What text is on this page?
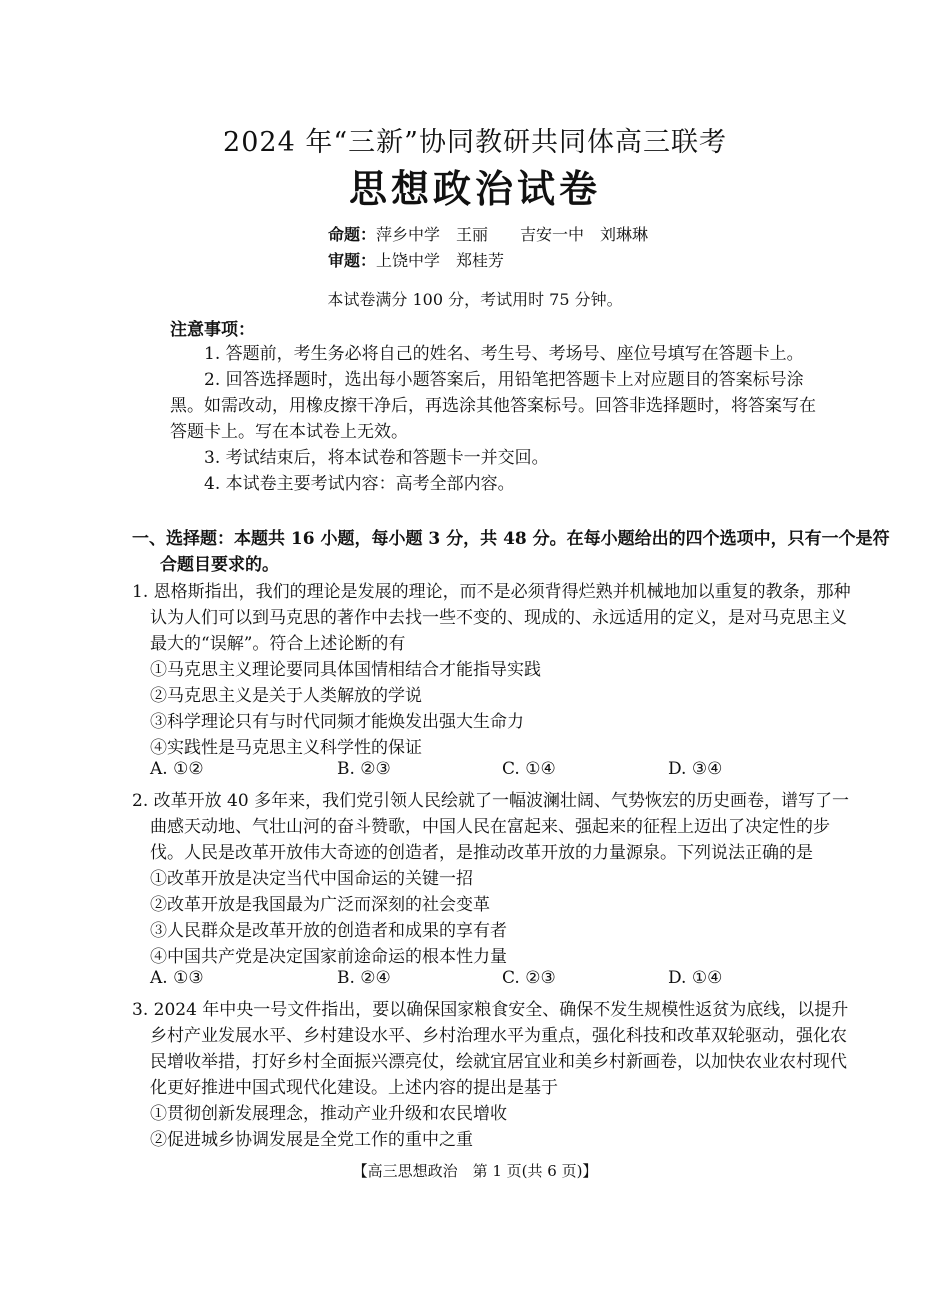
2024 年“三新”协同教研共同体高三联考
思想政治试卷
命题：萍乡中学　王丽 吉安一中　刘琳琳
审题：上饶中学　郑桂芳
本试卷满分 100 分，考试用时 75 分钟。
注意事项：
1. 答题前，考生务必将自己的姓名、考生号、考场号、座位号填写在答题卡上。
2. 回答选择题时，选出每小题答案后，用铅笔把答题卡上对应题目的答案标号涂
黑。如需改动，用橡皮擦干净后，再选涂其他答案标号。回答非选择题时，将答案写在
答题卡上。写在本试卷上无效。
3. 考试结束后，将本试卷和答题卡一并交回。
4. 本试卷主要考试内容：高考全部内容。
一、选择题：本题共 16 小题，每小题 3 分，共 48 分。在每小题给出的四个选项中，只有一个是符
合题目要求的。
1. 恩格斯指出，我们的理论是发展的理论，而不是必须背得烂熟并机械地加以重复的教条，那种
认为人们可以到马克思的著作中去找一些不变的、现成的、永远适用的定义，是对马克思主义
最大的“误解”。符合上述论断的有
①马克思主义理论要同具体国情相结合才能指导实践
②马克思主义是关于人类解放的学说
③科学理论只有与时代同频才能焕发出强大生命力
④实践性是马克思主义科学性的保证
A. ①②	B. ②③	C. ①④	D. ③④
2. 改革开放 40 多年来，我们党引领人民绘就了一幅波澜壮阔、气势恢宏的历史画卷，谱写了一
曲感天动地、气壮山河的奋斗赞歌，中国人民在富起来、强起来的征程上迈出了决定性的步
伐。人民是改革开放伟大奇迹的创造者，是推动改革开放的力量源泉。下列说法正确的是
①改革开放是决定当代中国命运的关键一招
②改革开放是我国最为广泛而深刻的社会变革
③人民群众是改革开放的创造者和成果的享有者
④中国共产党是决定国家前途命运的根本性力量
A. ①③	B. ②④	C. ②③	D. ①④
3. 2024 年中央一号文件指出，要以确保国家粮食安全、确保不发生规模性返贫为底线，以提升
乡村产业发展水平、乡村建设水平、乡村治理水平为重点，强化科技和改革双轮驱动，强化农
民增收举措，打好乡村全面振兴漂亮仗，绘就宜居宜业和美乡村新画卷，以加快农业农村现代
化更好推进中国式现代化建设。上述内容的提出是基于
①贯彻创新发展理念，推动产业升级和农民增收
②促进城乡协调发展是全党工作的重中之重
【高三思想政治　第 1 页(共 6 页)】
